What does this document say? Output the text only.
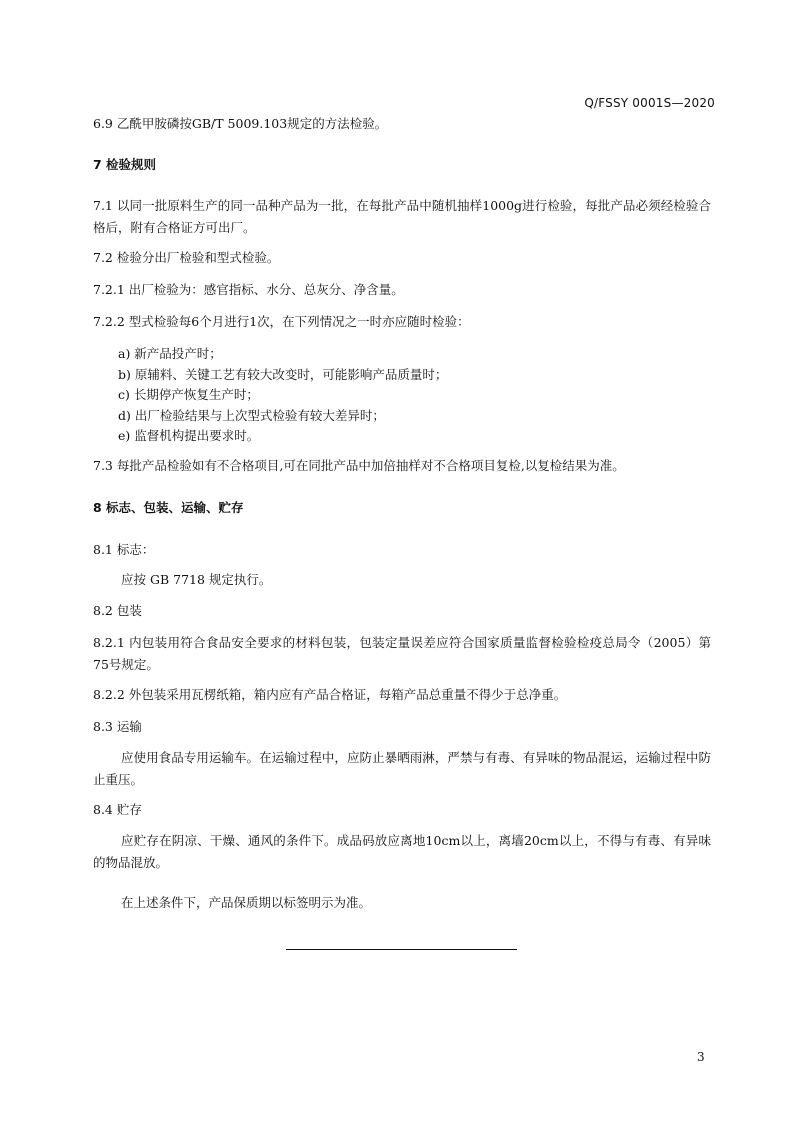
Q/FSSY 0001S—2020
6.9 乙酰甲胺磷按GB/T 5009.103规定的方法检验。
7 检验规则
7.1 以同一批原料生产的同一品种产品为一批，在每批产品中随机抽样1000g进行检验，每批产品必须经检验合格后，附有合格证方可出厂。
7.2 检验分出厂检验和型式检验。
7.2.1 出厂检验为：感官指标、水分、总灰分、净含量。
7.2.2 型式检验每6个月进行1次，在下列情况之一时亦应随时检验：
a) 新产品投产时；
b) 原辅料、关键工艺有较大改变时，可能影响产品质量时；
c) 长期停产恢复生产时；
d) 出厂检验结果与上次型式检验有较大差异时；
e) 监督机构提出要求时。
7.3 每批产品检验如有不合格项目,可在同批产品中加倍抽样对不合格项目复检,以复检结果为准。
8 标志、包装、运输、贮存
8.1 标志：
应按 GB 7718 规定执行。
8.2 包装
8.2.1 内包装用符合食品安全要求的材料包装，包装定量误差应符合国家质量监督检验检疫总局令（2005）第75号规定。
8.2.2 外包装采用瓦楞纸箱，箱内应有产品合格证，每箱产品总重量不得少于总净重。
8.3 运输
应使用食品专用运输车。在运输过程中，应防止暴晒雨淋，严禁与有毒、有异味的物品混运，运输过程中防止重压。
8.4 贮存
应贮存在阴凉、干燥、通风的条件下。成品码放应离地10cm以上，离墙20cm以上，不得与有毒、有异味的物品混放。
在上述条件下，产品保质期以标签明示为准。
3
